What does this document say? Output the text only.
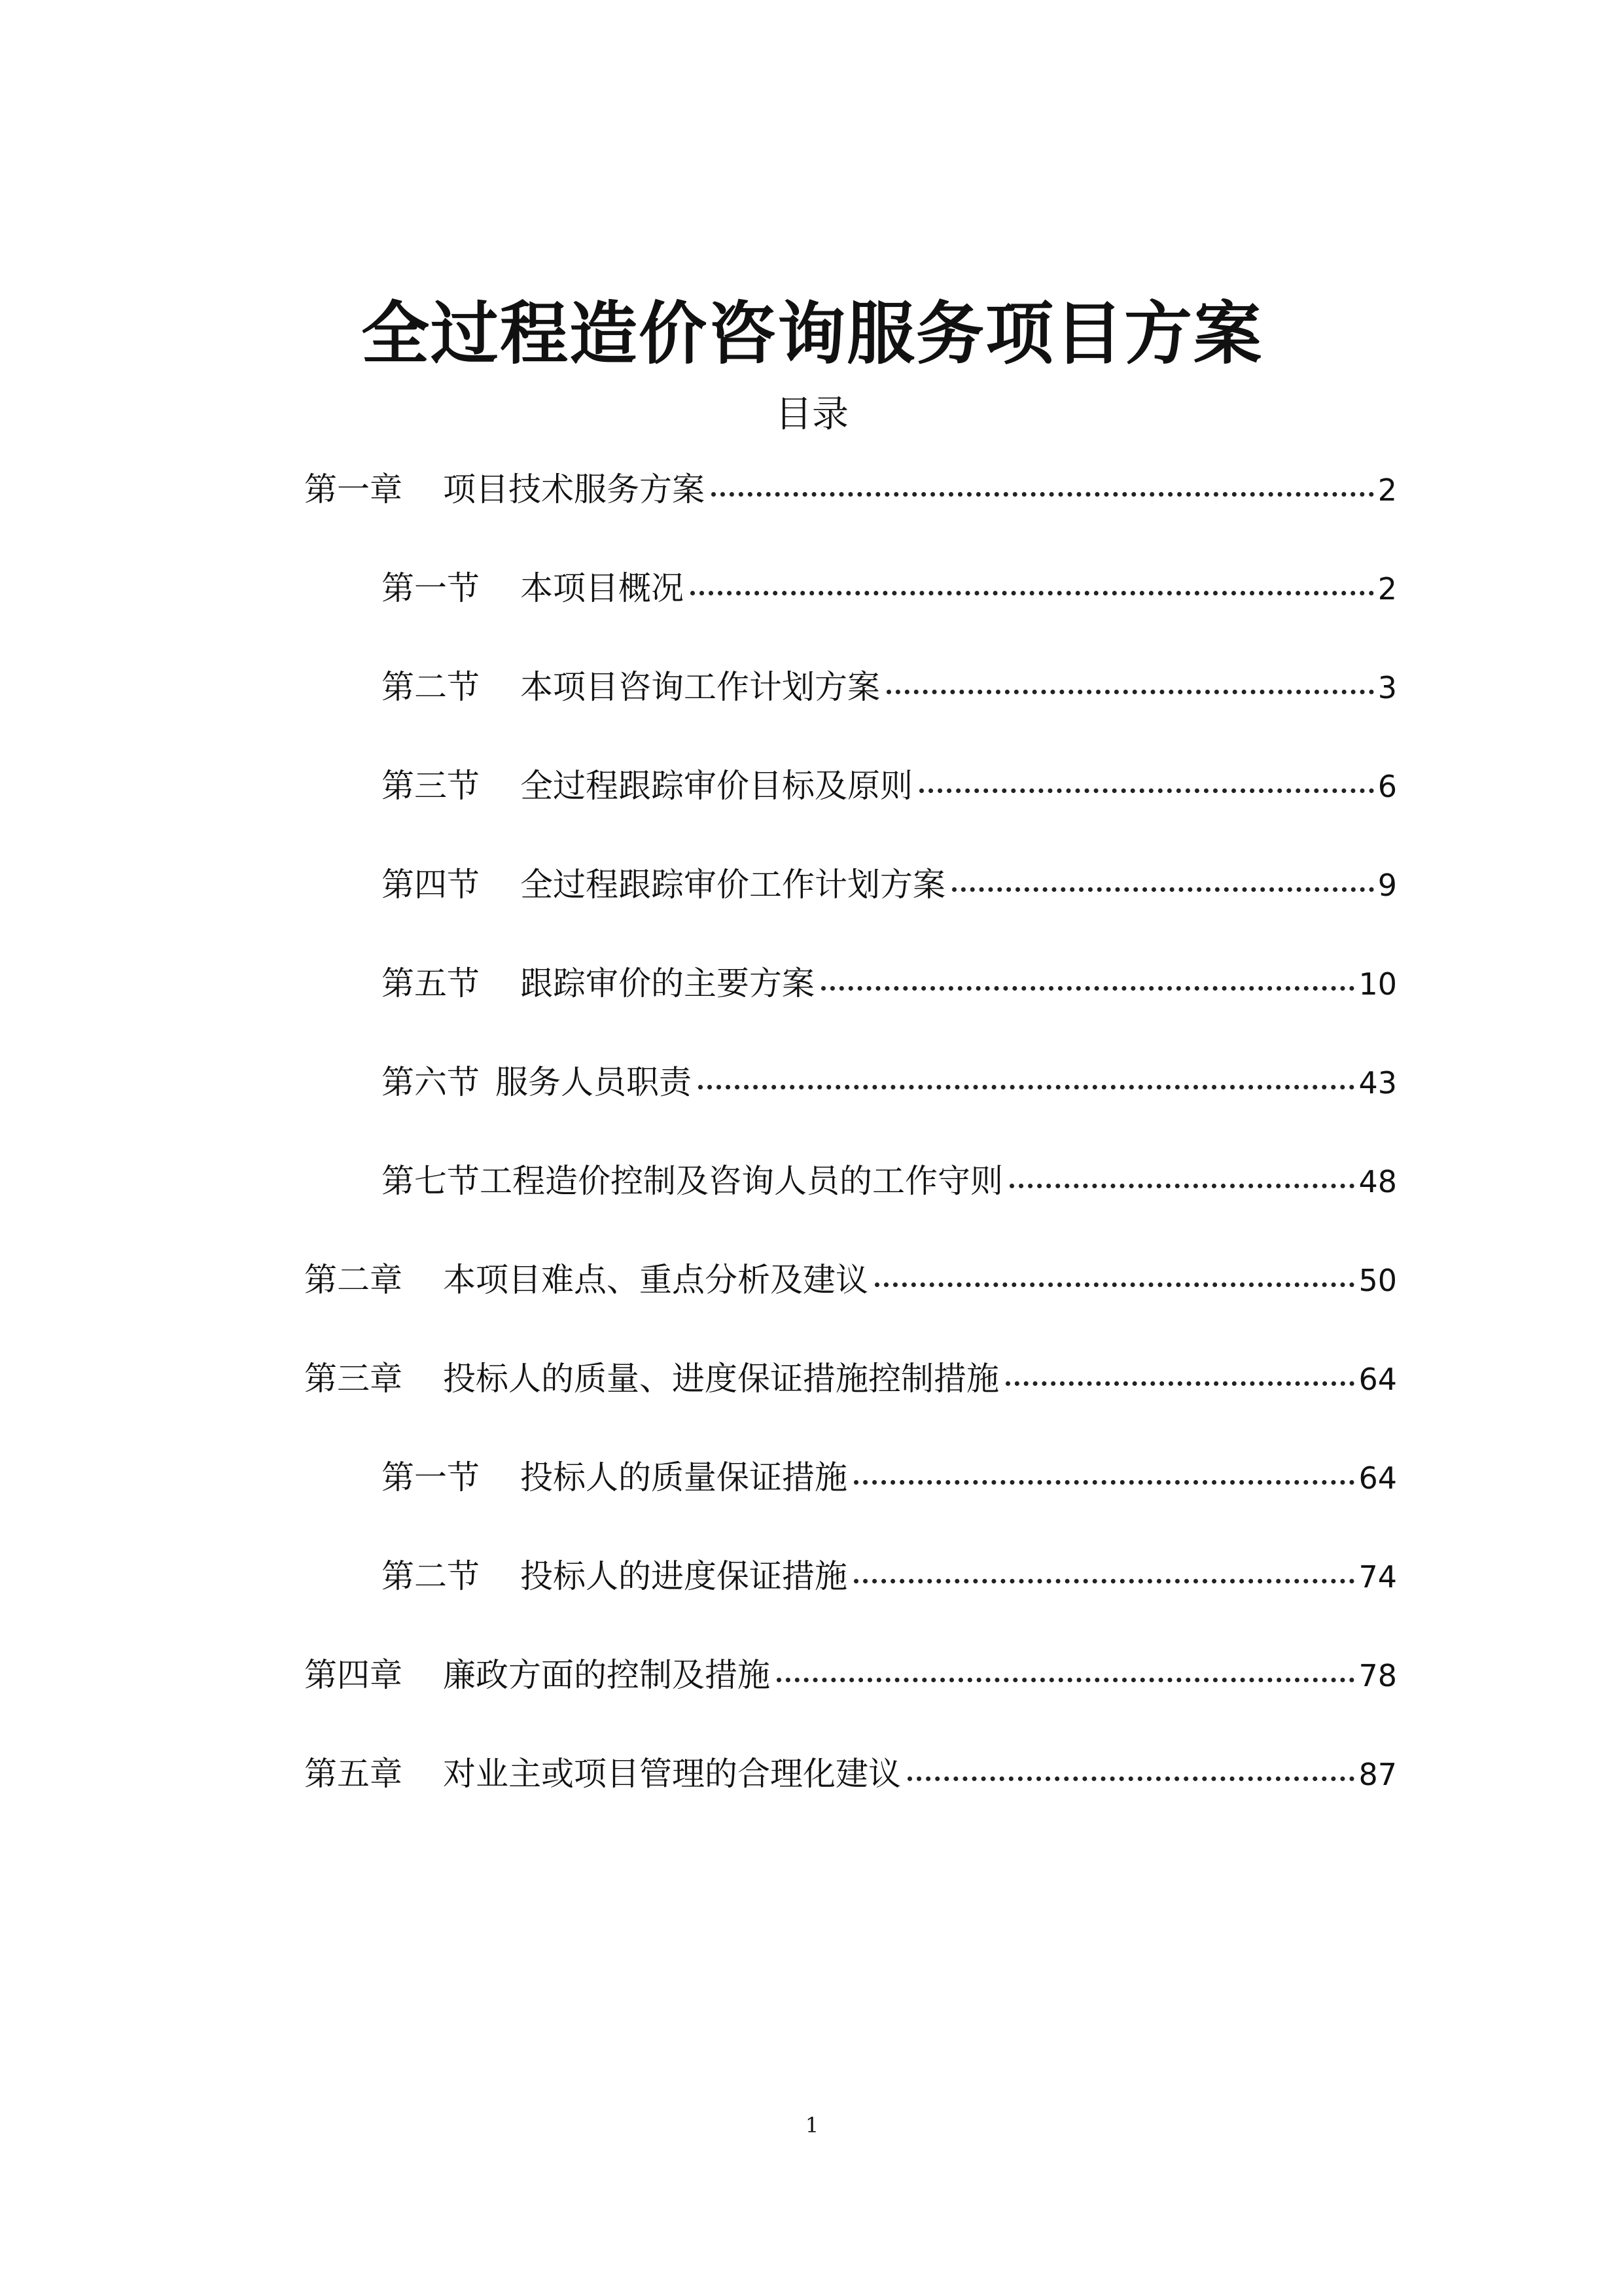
全过程造价咨询服务项目方案
目录
第一章 项目技术服务方案	2
第一节 本项目概况	2
第二节 本项目咨询工作计划方案	3
第三节 全过程跟踪审价目标及原则	6
第四节 全过程跟踪审价工作计划方案	9
第五节 跟踪审价的主要方案	10
第六节 服务人员职责	43
第七节工程造价控制及咨询人员的工作守则	48
第二章 本项目难点、重点分析及建议	50
第三章 投标人的质量、进度保证措施控制措施	64
第一节 投标人的质量保证措施	64
第二节 投标人的进度保证措施	74
第四章 廉政方面的控制及措施	78
第五章 对业主或项目管理的合理化建议	87
1
